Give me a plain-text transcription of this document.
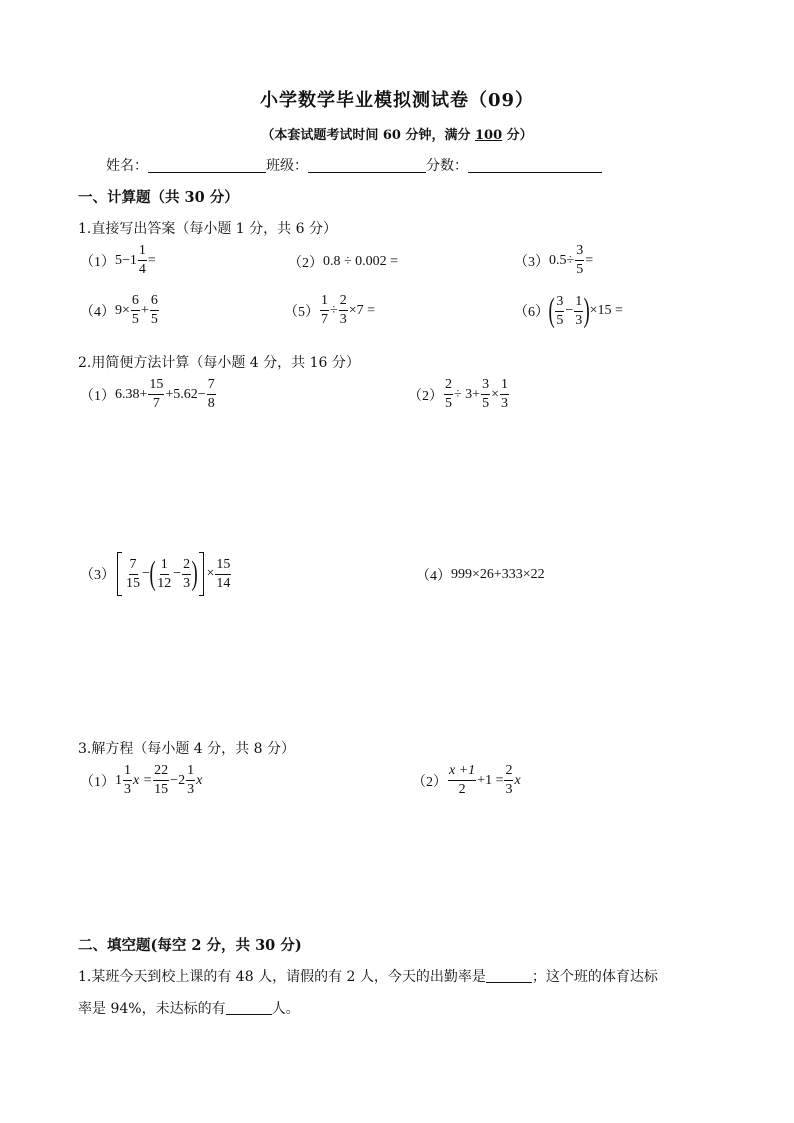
小学数学毕业模拟测试卷（09）
（本套试题考试时间 60 分钟，满分 100 分）
姓名：	班级：	分数：
一、计算题（共 30 分）
1.直接写出答案（每小题 1 分，共 6 分）
（1） $5-1 \frac{1}{4}$ =	（2） 0.8 ÷ 0.002 =	（3） $0.5\div \frac{3}{5}$ =
（4） $9\times \frac{6}{5} + \frac{6}{5}$	$(5) \frac{1}{7} \div \frac{2}{3} \times 7$ =	（6） ( $\frac{3}{5} - \frac{1}{3}$ ) ×15 =
2.用简便方法计算（每小题 4 分，共 16 分）
（1） $6.38+ \frac{15}{7} +5.62- \frac{7}{8}$	$(2) \frac{2}{5} \div 3+ \frac{3}{5} \times \frac{1}{3}$
$(3) \frac{7}{15}$ − ( $\frac{1}{12} - \frac{2}{3}$ ) × $\frac{15}{14}$	（4） 999×26+333×22
3.解方程（每小题 4 分，共 8 分）
（1） $1 \frac{1}{3}$ $x = \frac{22}{15} -2 \frac{1}{3}$ x	$(2) \frac{x +1}{2} +1 = \frac{2}{3}$ x
二、填空题(每空 2 分，共 30 分)
1.某班今天到校上课的有 48 人，请假的有 2 人，今天的出勤率是	；这个班的体育达标
率是 94%，未达标的有	人。
